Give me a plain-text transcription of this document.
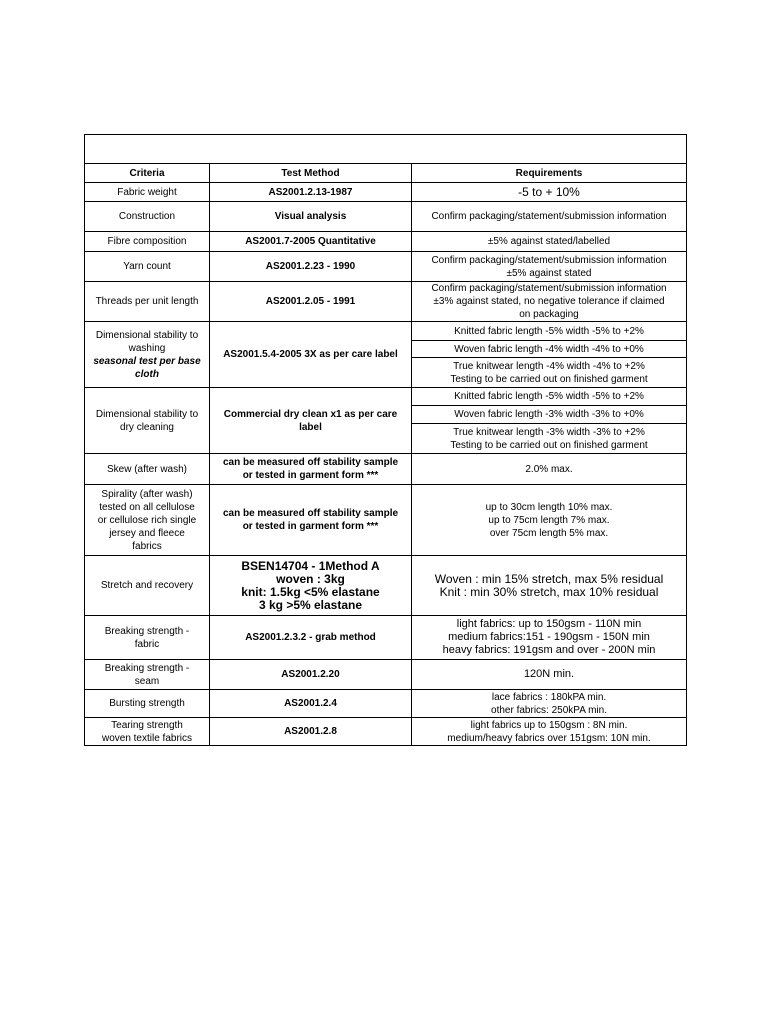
Criteria	Test Method	Requirements
Fabric weight	AS2001.2.13-1987	-5 to + 10%
Construction	Visual analysis	Confirm packaging/statement/submission information
Fibre composition	AS2001.7-2005 Quantitative	±5% against stated/labelled
Yarn count	AS2001.2.23 - 1990	Confirm packaging/statement/submission information
±5% against stated

Threads per unit length	AS2001.2.05 - 1991	Confirm packaging/statement/submission information
±3% against stated, no negative tolerance if claimed
on packaging

Dimensional stability to
washing
seasonal test per base
cloth	AS2001.5.4-2005 3X as per care label	Knitted fabric length -5% width -5% to +2%
		Woven fabric length -4% width -4% to +0%

		True knitwear length -4% width -4% to +2%
Testing to be carried out on finished garment

Dimensional stability to
dry cleaning	Commercial dry clean x1 as per care
label	Knitted fabric length -5% width -5% to +2%
		Woven fabric length -3% width -3% to +0%

		True knitwear length -3% width -3% to +2%
Testing to be carried out on finished garment

Skew (after wash)	can be measured off stability sample
or tested in garment form ***	2.0% max.

Spirality (after wash)
tested on all cellulose
or cellulose rich single
jersey and fleece
fabrics	can be measured off stability sample
or tested in garment form ***	up to 30cm length 10% max.
up to 75cm length 7% max.
over 75cm length 5% max.

Stretch and recovery	BSEN14704 - 1Method A
woven : 3kg
knit: 1.5kg <5% elastane
3 kg >5% elastane	Woven : min 15% stretch, max 5% residual
Knit : min 30% stretch, max 10% residual

Breaking strength -
fabric	AS2001.2.3.2 - grab method	light fabrics: up to 150gsm - 110N min
medium fabrics:151 - 190gsm - 150N min
heavy fabrics: 191gsm and over - 200N min

Breaking strength -
seam	AS2001.2.20	120N min.
Bursting strength	AS2001.2.4	lace fabrics : 180kPA min.
other fabrics: 250kPA min.

Tearing strength
woven textile fabrics	AS2001.2.8	light fabrics up to 150gsm : 8N min.
medium/heavy fabrics over 151gsm: 10N min.
